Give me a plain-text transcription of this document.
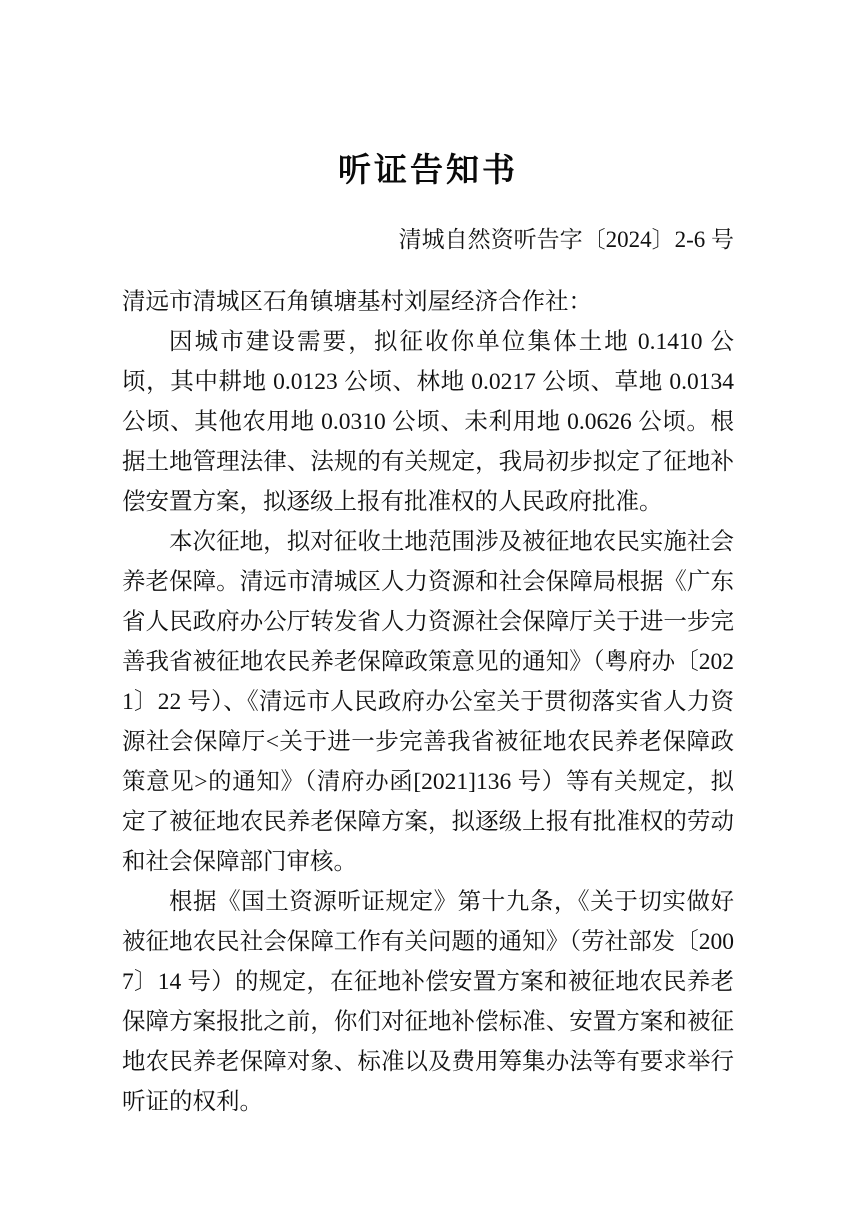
听证告知书
清城自然资听告字〔2024〕2-6 号
清远市清城区石角镇塘基村刘屋经济合作社：

因城市建设需要，拟征收你单位集体土地 0.1410 公顷，其中耕地 0.0123 公顷、林地 0.0217 公顷、草地 0.0134 公顷、其他农用地 0.0310 公顷、未利用地 0.0626 公顷。根据土地管理法律、法规的有关规定，我局初步拟定了征地补偿安置方案，拟逐级上报有批准权的人民政府批准。

本次征地，拟对征收土地范围涉及被征地农民实施社会养老保障。清远市清城区人力资源和社会保障局根据《广东省人民政府办公厅转发省人力资源社会保障厅关于进一步完善我省被征地农民养老保障政策意见的通知》（粤府办〔2021〕22 号）、《清远市人民政府办公室关于贯彻落实省人力资源社会保障厅<关于进一步完善我省被征地农民养老保障政策意见>的通知》（清府办函[2021]136 号）等有关规定，拟定了被征地农民养老保障方案，拟逐级上报有批准权的劳动和社会保障部门审核。

根据《国土资源听证规定》第十九条，《关于切实做好被征地农民社会保障工作有关问题的通知》（劳社部发〔2007〕14 号）的规定，在征地补偿安置方案和被征地农民养老保障方案报批之前，你们对征地补偿标准、安置方案和被征地农民养老保障对象、标准以及费用筹集办法等有要求举行听证的权利。
